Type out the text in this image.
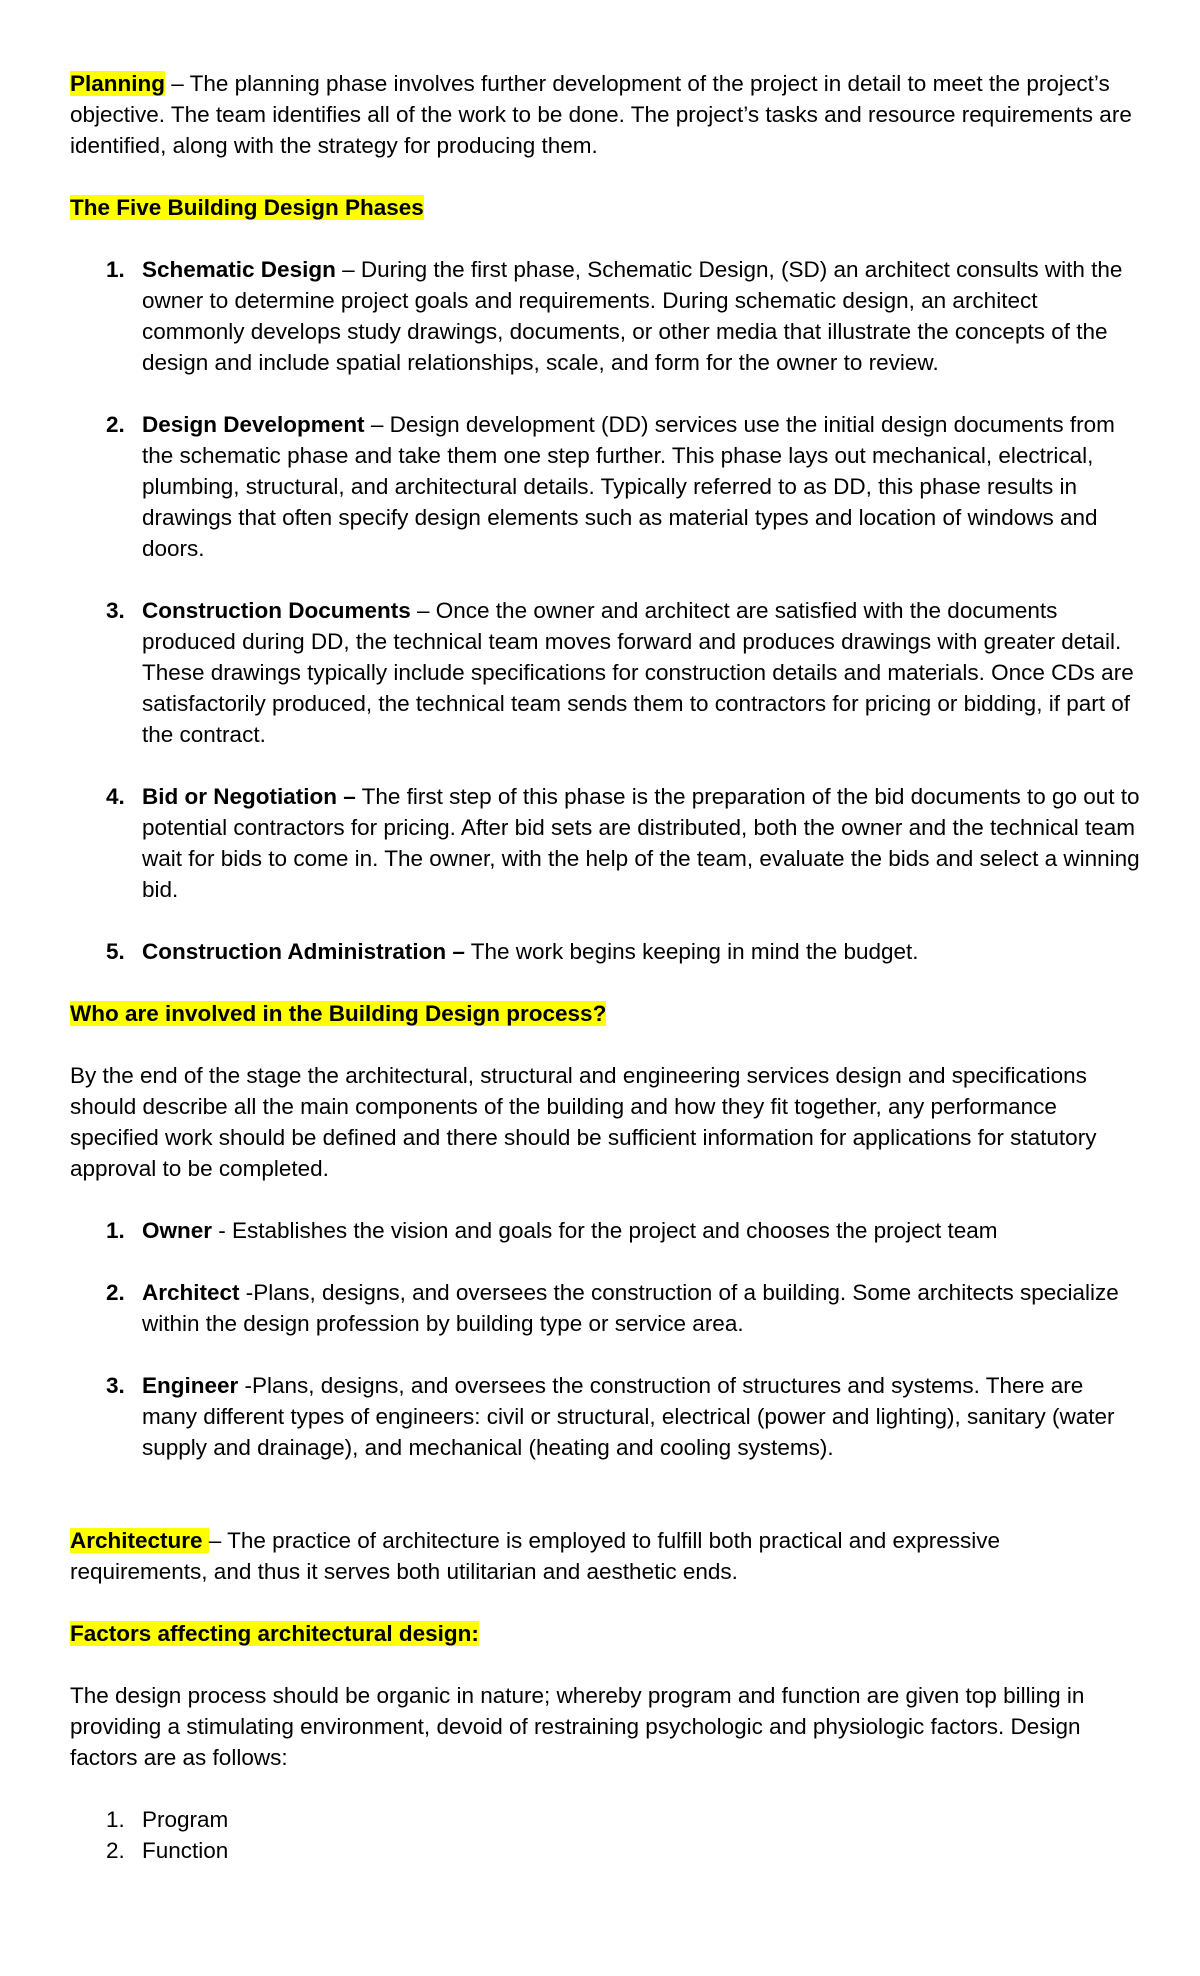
Planning – The planning phase involves further development of the project in detail to meet the project’s objective. The team identifies all of the work to be done. The project’s tasks and resource requirements are identified, along with the strategy for producing them.

The Five Building Design Phases

1. Schematic Design – During the first phase, Schematic Design, (SD) an architect consults with the owner to determine project goals and requirements. During schematic design, an architect commonly develops study drawings, documents, or other media that illustrate the concepts of the design and include spatial relationships, scale, and form for the owner to review.
2. Design Development – Design development (DD) services use the initial design documents from the schematic phase and take them one step further. This phase lays out mechanical, electrical, plumbing, structural, and architectural details. Typically referred to as DD, this phase results in drawings that often specify design elements such as material types and location of windows and doors.
3. Construction Documents – Once the owner and architect are satisfied with the documents produced during DD, the technical team moves forward and produces drawings with greater detail. These drawings typically include specifications for construction details and materials. Once CDs are satisfactorily produced, the technical team sends them to contractors for pricing or bidding, if part of the contract.
4. Bid or Negotiation – The first step of this phase is the preparation of the bid documents to go out to potential contractors for pricing. After bid sets are distributed, both the owner and the technical team wait for bids to come in. The owner, with the help of the team, evaluate the bids and select a winning bid.
5. Construction Administration – The work begins keeping in mind the budget.

Who are involved in the Building Design process?

By the end of the stage the architectural, structural and engineering services design and specifications should describe all the main components of the building and how they fit together, any performance specified work should be defined and there should be sufficient information for applications for statutory approval to be completed.

1. Owner - Establishes the vision and goals for the project and chooses the project team
2. Architect -Plans, designs, and oversees the construction of a building. Some architects specialize within the design profession by building type or service area.
3. Engineer -Plans, designs, and oversees the construction of structures and systems. There are many different types of engineers: civil or structural, electrical (power and lighting), sanitary (water supply and drainage), and mechanical (heating and cooling systems).

Architecture – The practice of architecture is employed to fulfill both practical and expressive requirements, and thus it serves both utilitarian and aesthetic ends.

Factors affecting architectural design:

The design process should be organic in nature; whereby program and function are given top billing in providing a stimulating environment, devoid of restraining psychologic and physiologic factors. Design factors are as follows:

1. Program
2. Function
